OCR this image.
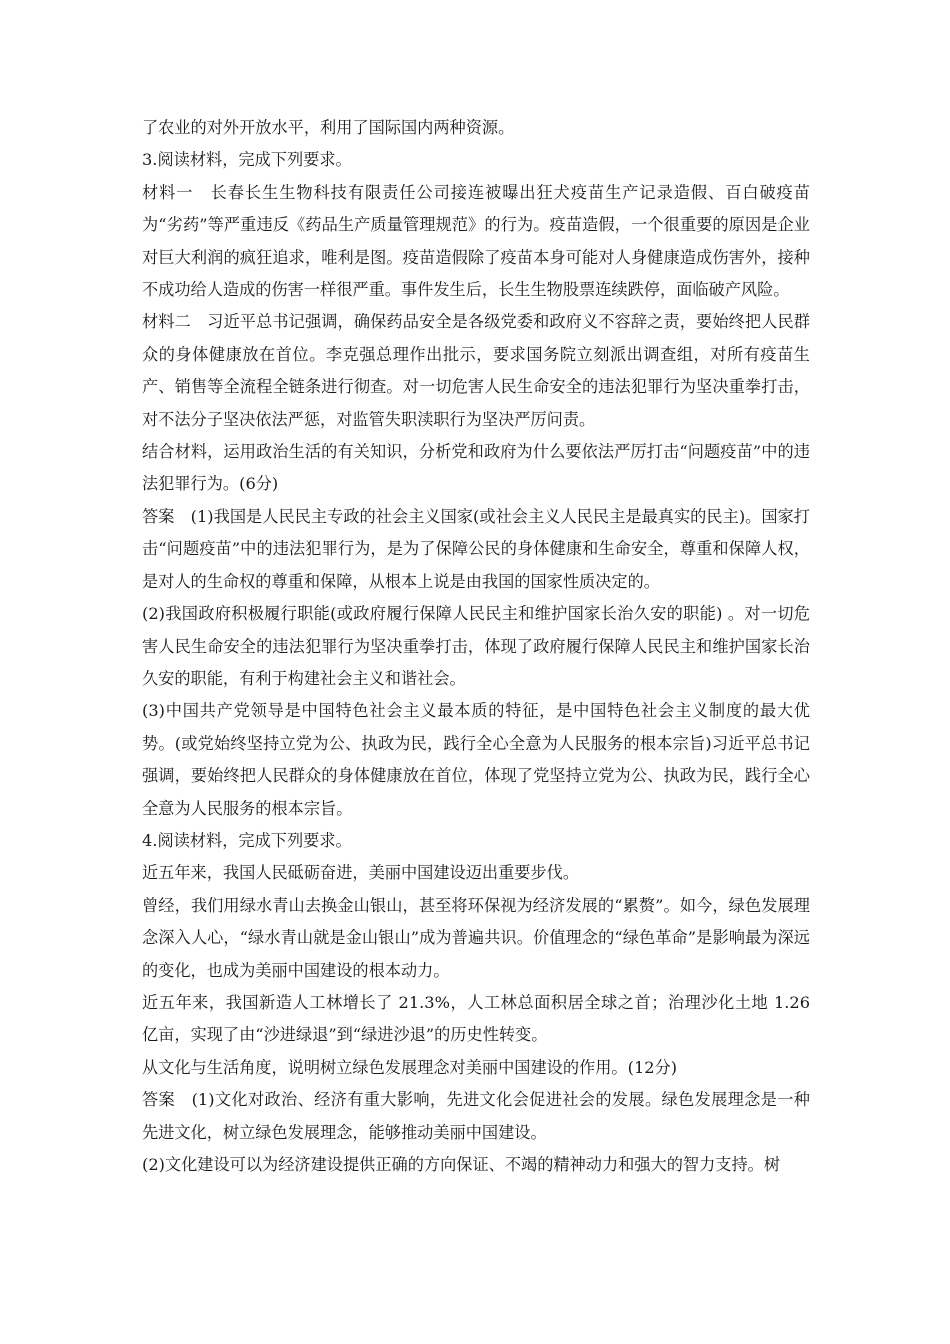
了农业的对外开放水平，利用了国际国内两种资源。

3.阅读材料，完成下列要求。

材料一　长春长生生物科技有限责任公司接连被曝出狂犬疫苗生产记录造假、百白破疫苗为“劣药”等严重违反《药品生产质量管理规范》的行为。疫苗造假，一个很重要的原因是企业对巨大利润的疯狂追求，唯利是图。疫苗造假除了疫苗本身可能对人身健康造成伤害外，接种不成功给人造成的伤害一样很严重。事件发生后，长生生物股票连续跌停，面临破产风险。

材料二　习近平总书记强调，确保药品安全是各级党委和政府义不容辞之责，要始终把人民群众的身体健康放在首位。李克强总理作出批示，要求国务院立刻派出调查组，对所有疫苗生产、销售等全流程全链条进行彻查。对一切危害人民生命安全的违法犯罪行为坚决重拳打击，对不法分子坚决依法严惩，对监管失职渎职行为坚决严厉问责。

结合材料，运用政治生活的有关知识，分析党和政府为什么要依法严厉打击“问题疫苗”中的违法犯罪行为。(6分)

答案　(1)我国是人民民主专政的社会主义国家(或社会主义人民民主是最真实的民主)。国家打击“问题疫苗”中的违法犯罪行为，是为了保障公民的身体健康和生命安全，尊重和保障人权，是对人的生命权的尊重和保障，从根本上说是由我国的国家性质决定的。

(2)我国政府积极履行职能(或政府履行保障人民民主和维护国家长治久安的职能) 。对一切危害人民生命安全的违法犯罪行为坚决重拳打击，体现了政府履行保障人民民主和维护国家长治久安的职能，有利于构建社会主义和谐社会。

(3)中国共产党领导是中国特色社会主义最本质的特征，是中国特色社会主义制度的最大优势。(或党始终坚持立党为公、执政为民，践行全心全意为人民服务的根本宗旨)习近平总书记强调，要始终把人民群众的身体健康放在首位，体现了党坚持立党为公、执政为民，践行全心全意为人民服务的根本宗旨。

4.阅读材料，完成下列要求。

近五年来，我国人民砥砺奋进，美丽中国建设迈出重要步伐。

曾经，我们用绿水青山去换金山银山，甚至将环保视为经济发展的“累赘”。如今，绿色发展理念深入人心，“绿水青山就是金山银山”成为普遍共识。价值理念的“绿色革命”是影响最为深远的变化，也成为美丽中国建设的根本动力。

近五年来，我国新造人工林增长了 21.3%，人工林总面积居全球之首；治理沙化土地 1.26 亿亩，实现了由“沙进绿退”到“绿进沙退”的历史性转变。

从文化与生活角度，说明树立绿色发展理念对美丽中国建设的作用。(12分)

答案　(1)文化对政治、经济有重大影响，先进文化会促进社会的发展。绿色发展理念是一种先进文化，树立绿色发展理念，能够推动美丽中国建设。

(2)文化建设可以为经济建设提供正确的方向保证、不竭的精神动力和强大的智力支持。树
